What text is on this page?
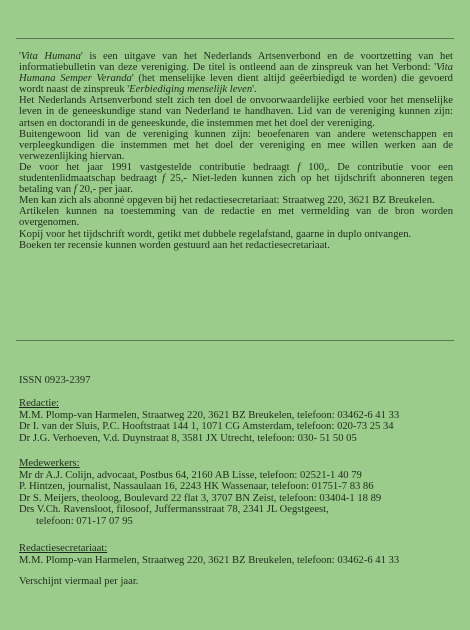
'Vita Humana' is een uitgave van het Nederlands Artsenverbond en de voortzetting van het informatiebulletin van deze vereniging. De titel is ontleend aan de zinspreuk van het Verbond: 'Vita Humana Semper Veranda' (het menselijke leven dient altijd geëerbiedigd te worden) die gevoerd wordt naast de zinspreuk 'Eerbiediging menselijk leven'.

Het Nederlands Artsenverbond stelt zich ten doel de onvoorwaardelijke eerbied voor het menselijke leven in de geneeskundige stand van Nederland te handhaven. Lid van de vereniging kunnen zijn: artsen en doctorandi in de geneeskunde, die instemmen met het doel der vereniging.

Buitengewoon lid van de vereniging kunnen zijn: beoefenaren van andere wetenschappen en verpleegkundigen die instemmen met het doel der vereniging en mee willen werken aan de verwezenlijking hiervan.

De voor het jaar 1991 vastgestelde contributie bedraagt f 100,. De contributie voor een studentenlidmaatschap bedraagt f 25,- Niet-leden kunnen zich op het tijdschrift abonneren tegen betaling van f 20,- per jaar.

Men kan zich als abonné opgeven bij het redactiesecretariaat: Straatweg 220, 3621 BZ Breukelen.

Artikelen kunnen na toestemming van de redactie en met vermelding van de bron worden overgenomen.

Kopij voor het tijdschrift wordt, getikt met dubbele regelafstand, gaarne in duplo ontvangen.

Boeken ter recensie kunnen worden gestuurd aan het redactiesecretariaat.

ISSN 0923-2397

Redactie:

M.M. Plomp-van Harmelen, Straatweg 220, 3621 BZ Breukelen, telefoon: 03462-6 41 33

Dr I. van der Sluis, P.C. Hooftstraat 144 1, 1071 CG Amsterdam, telefoon: 020-73 25 34

Dr J.G. Verhoeven, V.d. Duynstraat 8, 3581 JX Utrecht, telefoon: 030- 51 50 05

Medewerkers:

Mr dr A.J. Colijn, advocaat, Postbus 64, 2160 AB Lisse, telefoon: 02521-1 40 79

P. Hintzen, journalist, Nassaulaan 16, 2243 HK Wassenaar, telefoon: 01751-7 83 86

Dr S. Meijers, theoloog, Boulevard 22 flat 3, 3707 BN Zeist, telefoon: 03404-1 18 89

Drs V.Ch. Ravensloot, filosoof, Juffermansstraat 78, 2341 JL Oegstgeest,

telefoon: 071-17 07 95

Redactiesecretariaat:

M.M. Plomp-van Harmelen, Straatweg 220, 3621 BZ Breukelen, telefoon: 03462-6 41 33

Verschijnt viermaal per jaar.
